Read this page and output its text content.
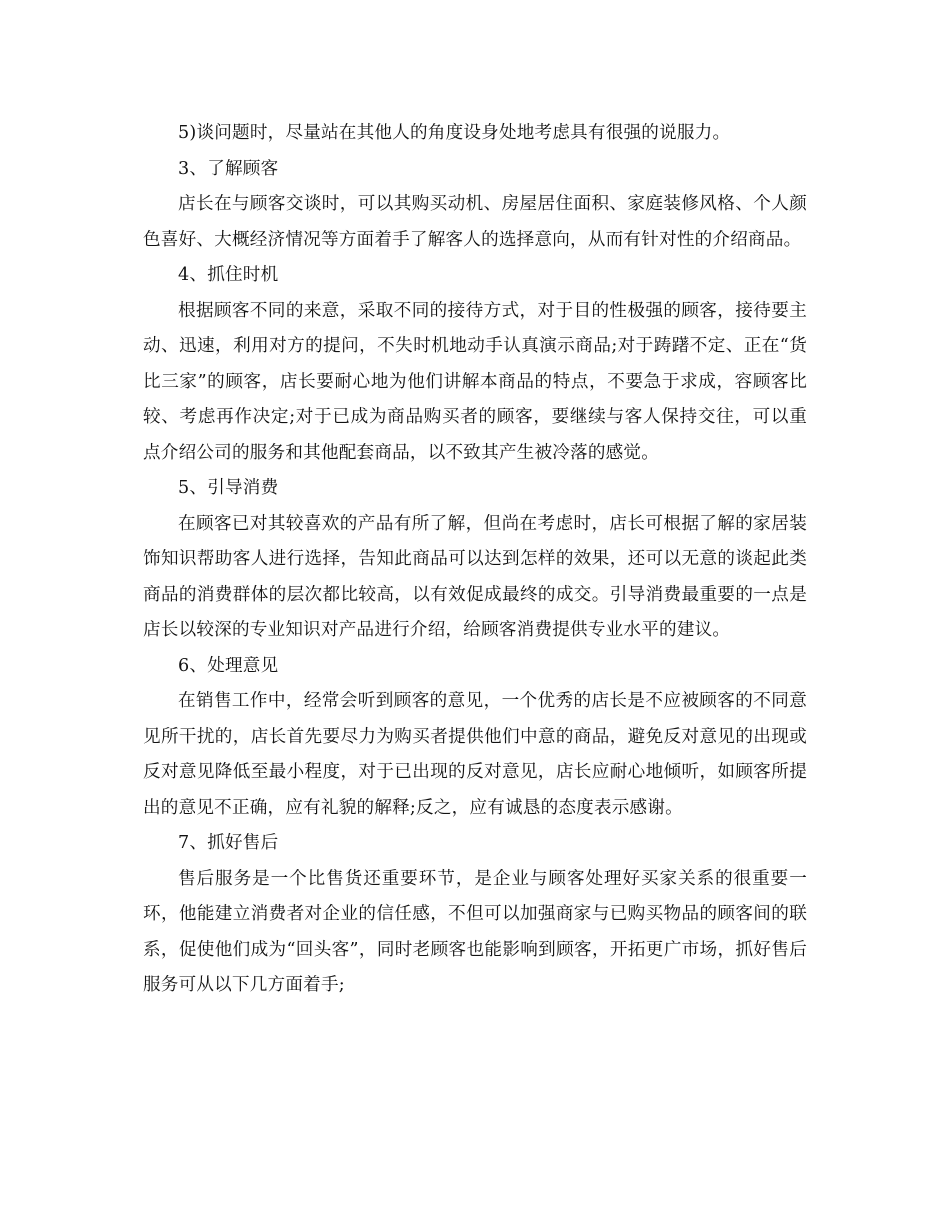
5)谈问题时，尽量站在其他人的角度设身处地考虑具有很强的说服力。

3、了解顾客

店长在与顾客交谈时，可以其购买动机、房屋居住面积、家庭装修风格、个人颜色喜好、大概经济情况等方面着手了解客人的选择意向，从而有针对性的介绍商品。

4、抓住时机

根据顾客不同的来意，采取不同的接待方式，对于目的性极强的顾客，接待要主动、迅速，利用对方的提问，不失时机地动手认真演示商品;对于踌躇不定、正在“货比三家”的顾客，店长要耐心地为他们讲解本商品的特点，不要急于求成，容顾客比较、考虑再作决定;对于已成为商品购买者的顾客，要继续与客人保持交往，可以重点介绍公司的服务和其他配套商品，以不致其产生被冷落的感觉。

5、引导消费

在顾客已对其较喜欢的产品有所了解，但尚在考虑时，店长可根据了解的家居装饰知识帮助客人进行选择，告知此商品可以达到怎样的效果，还可以无意的谈起此类商品的消费群体的层次都比较高，以有效促成最终的成交。引导消费最重要的一点是店长以较深的专业知识对产品进行介绍，给顾客消费提供专业水平的建议。

6、处理意见

在销售工作中，经常会听到顾客的意见，一个优秀的店长是不应被顾客的不同意见所干扰的，店长首先要尽力为购买者提供他们中意的商品，避免反对意见的出现或反对意见降低至最小程度，对于已出现的反对意见，店长应耐心地倾听，如顾客所提出的意见不正确，应有礼貌的解释;反之，应有诚恳的态度表示感谢。

7、抓好售后

售后服务是一个比售货还重要环节，是企业与顾客处理好买家关系的很重要一环，他能建立消费者对企业的信任感，不但可以加强商家与已购买物品的顾客间的联系，促使他们成为“回头客”，同时老顾客也能影响到顾客，开拓更广市场，抓好售后服务可从以下几方面着手;
